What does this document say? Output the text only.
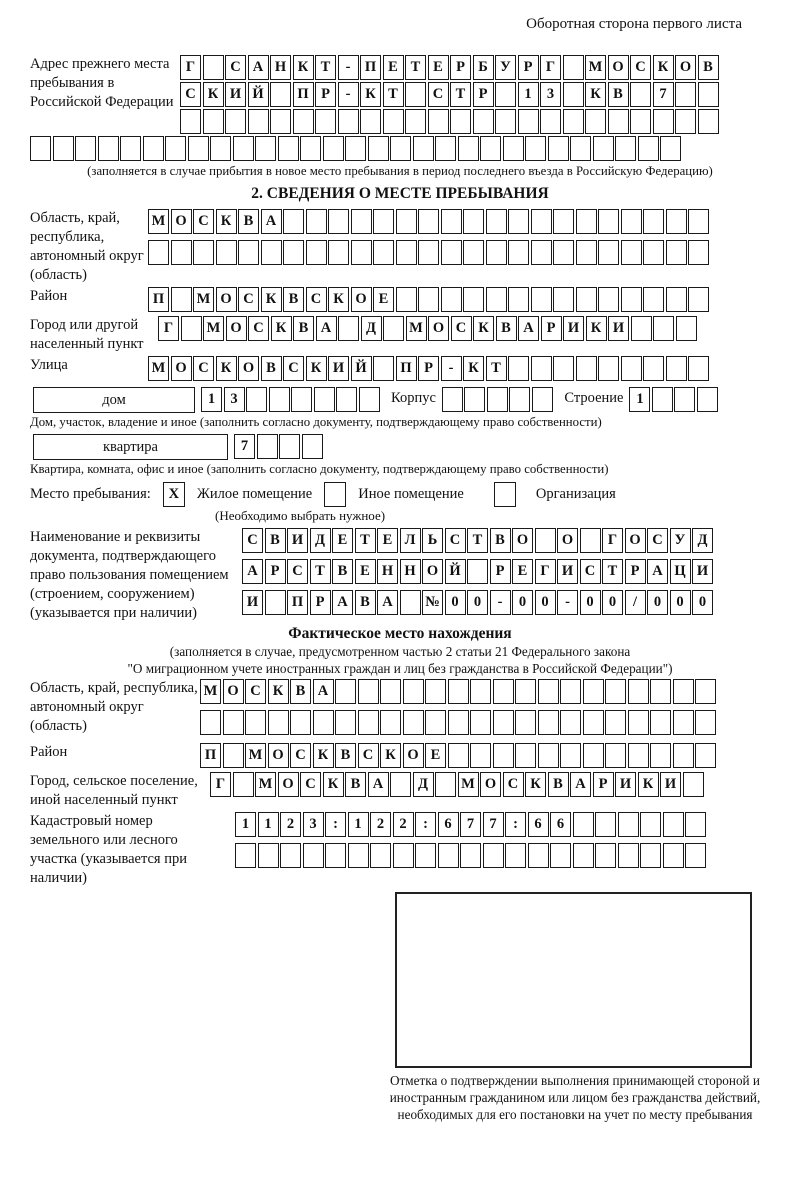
Оборотная сторона первого листа
Адрес прежнего места пребывания в Российской Федерации
Г С А Н К Т - П Е Т Е Р Б У Р Г М О С К О В
С К И Й П Р - К Т С Т Р	1 3 К В	7
(заполняется в случае прибытия в новое место пребывания в период последнего въезда в Российскую Федерацию)
2. СВЕДЕНИЯ О МЕСТЕ ПРЕБЫВАНИЯ
Область, край, республика, автономный округ (область)
М О С К В А
Район	П М О С К В С К О Е
Город или другой населенный пункт
Г М О С К В А Д М О С К В А Р И К И
Улица	М О С К О В С К И Й П Р - К Т
дом	1 3	Корпус	Строение 1
Дом, участок, владение и иное (заполнить согласно документу, подтверждающему право собственности)
квартира	7
Квартира, комната, офис и иное (заполнить согласно документу, подтверждающему право собственности)
Место пребывания:	X	Жилое помещение	Иное помещение	Организация
(Необходимо выбрать нужное)
Наименование и реквизиты документа, подтверждающего право пользования помещением (строением, сооружением) (указывается при наличии)
С В И Д Е Т Е Л Ь С Т В О О Г О С У Д
А Р С Т В Е Н Н О Й Р Е Г И С Т Р А Ц И
И П Р А В А № 0 0 - 0 0 - 0 0 / 0 0 0
Фактическое место нахождения
(заполняется в случае, предусмотренном частью 2 статьи 21 Федерального закона
"О миграционном учете иностранных граждан и лиц без гражданства в Российской Федерации")
Область, край, республика, автономный округ (область)
М О С К В А
Район	П М О С К В С К О Е
Город, сельское поселение, иной населенный пункт
Г М О С К В А Д М О С К В А Р И К И
Кадастровый номер земельного или лесного участка (указывается при наличии)
1 1 2 3 : 1 2 2 : 6 7 7 : 6 6
Отметка о подтверждении выполнения принимающей стороной и иностранным гражданином или лицом без гражданства действий, необходимых для его постановки на учет по месту пребывания
